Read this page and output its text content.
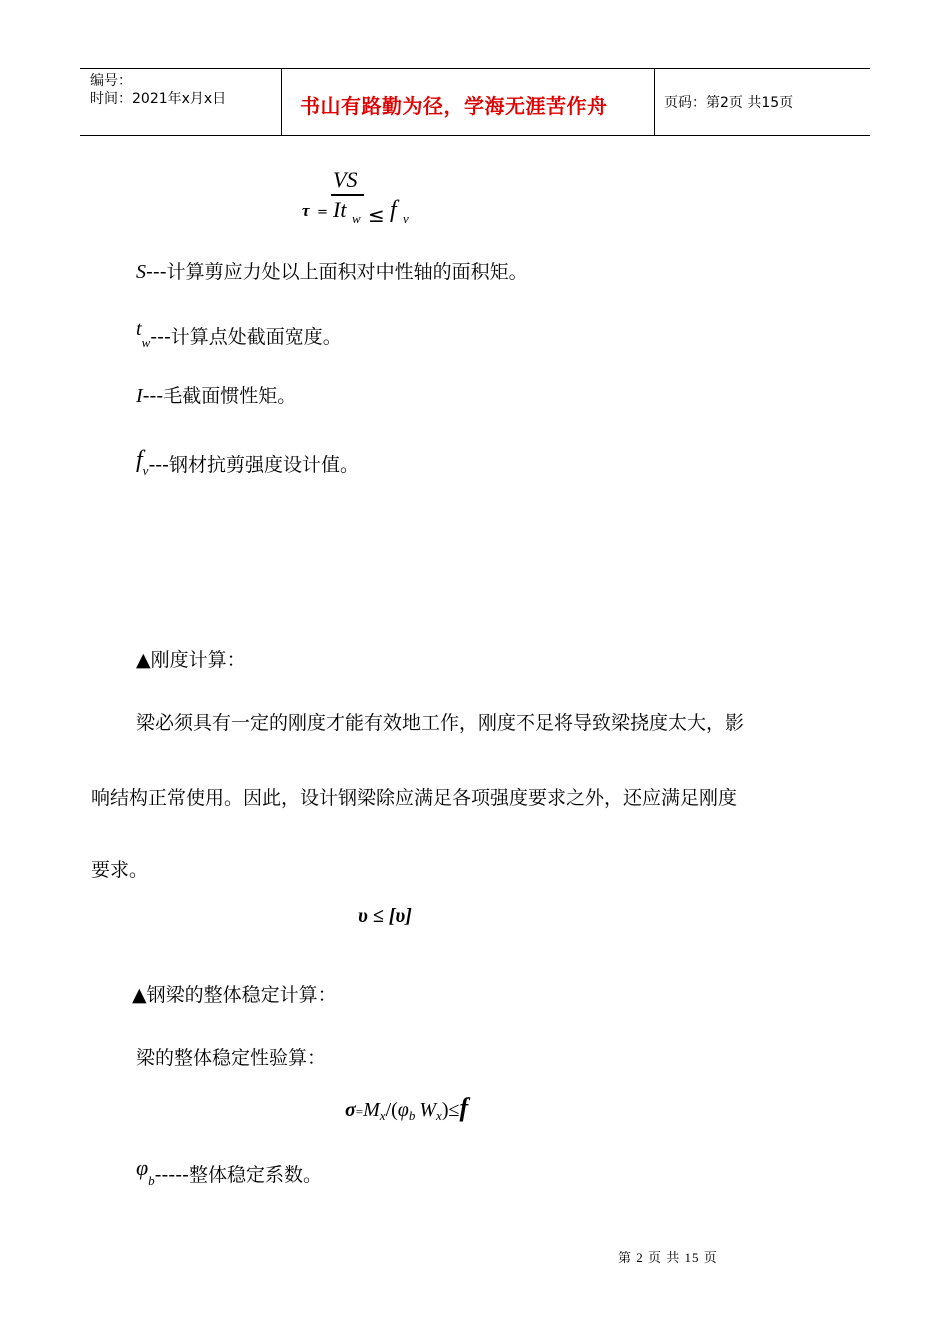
编号：
时间：2021年x月x日	书山有路勤为径，学海无涯苦作舟	页码：第2页 共15页
τ =
VS
It w ≤ f v
S---计算剪应力处以上面积对中性轴的面积矩。
$t_w---$计算点处截面宽度。
I---毛截面惯性矩。
$f_v---$钢材抗剪强度设计值。
▲刚度计算：
梁必须具有一定的刚度才能有效地工作，刚度不足将导致梁挠度太大，影
响结构正常使用。因此，设计钢梁除应满足各项强度要求之外，还应满足刚度
要求。
υ ≤ [υ]
▲钢梁的整体稳定计算：
梁的整体稳定性验算：
$\sigma=M_x/(\varphi_b$ $W_x)\le f$
$\varphi_b-----$整体稳定系数。
第 2 页 共 15 页
